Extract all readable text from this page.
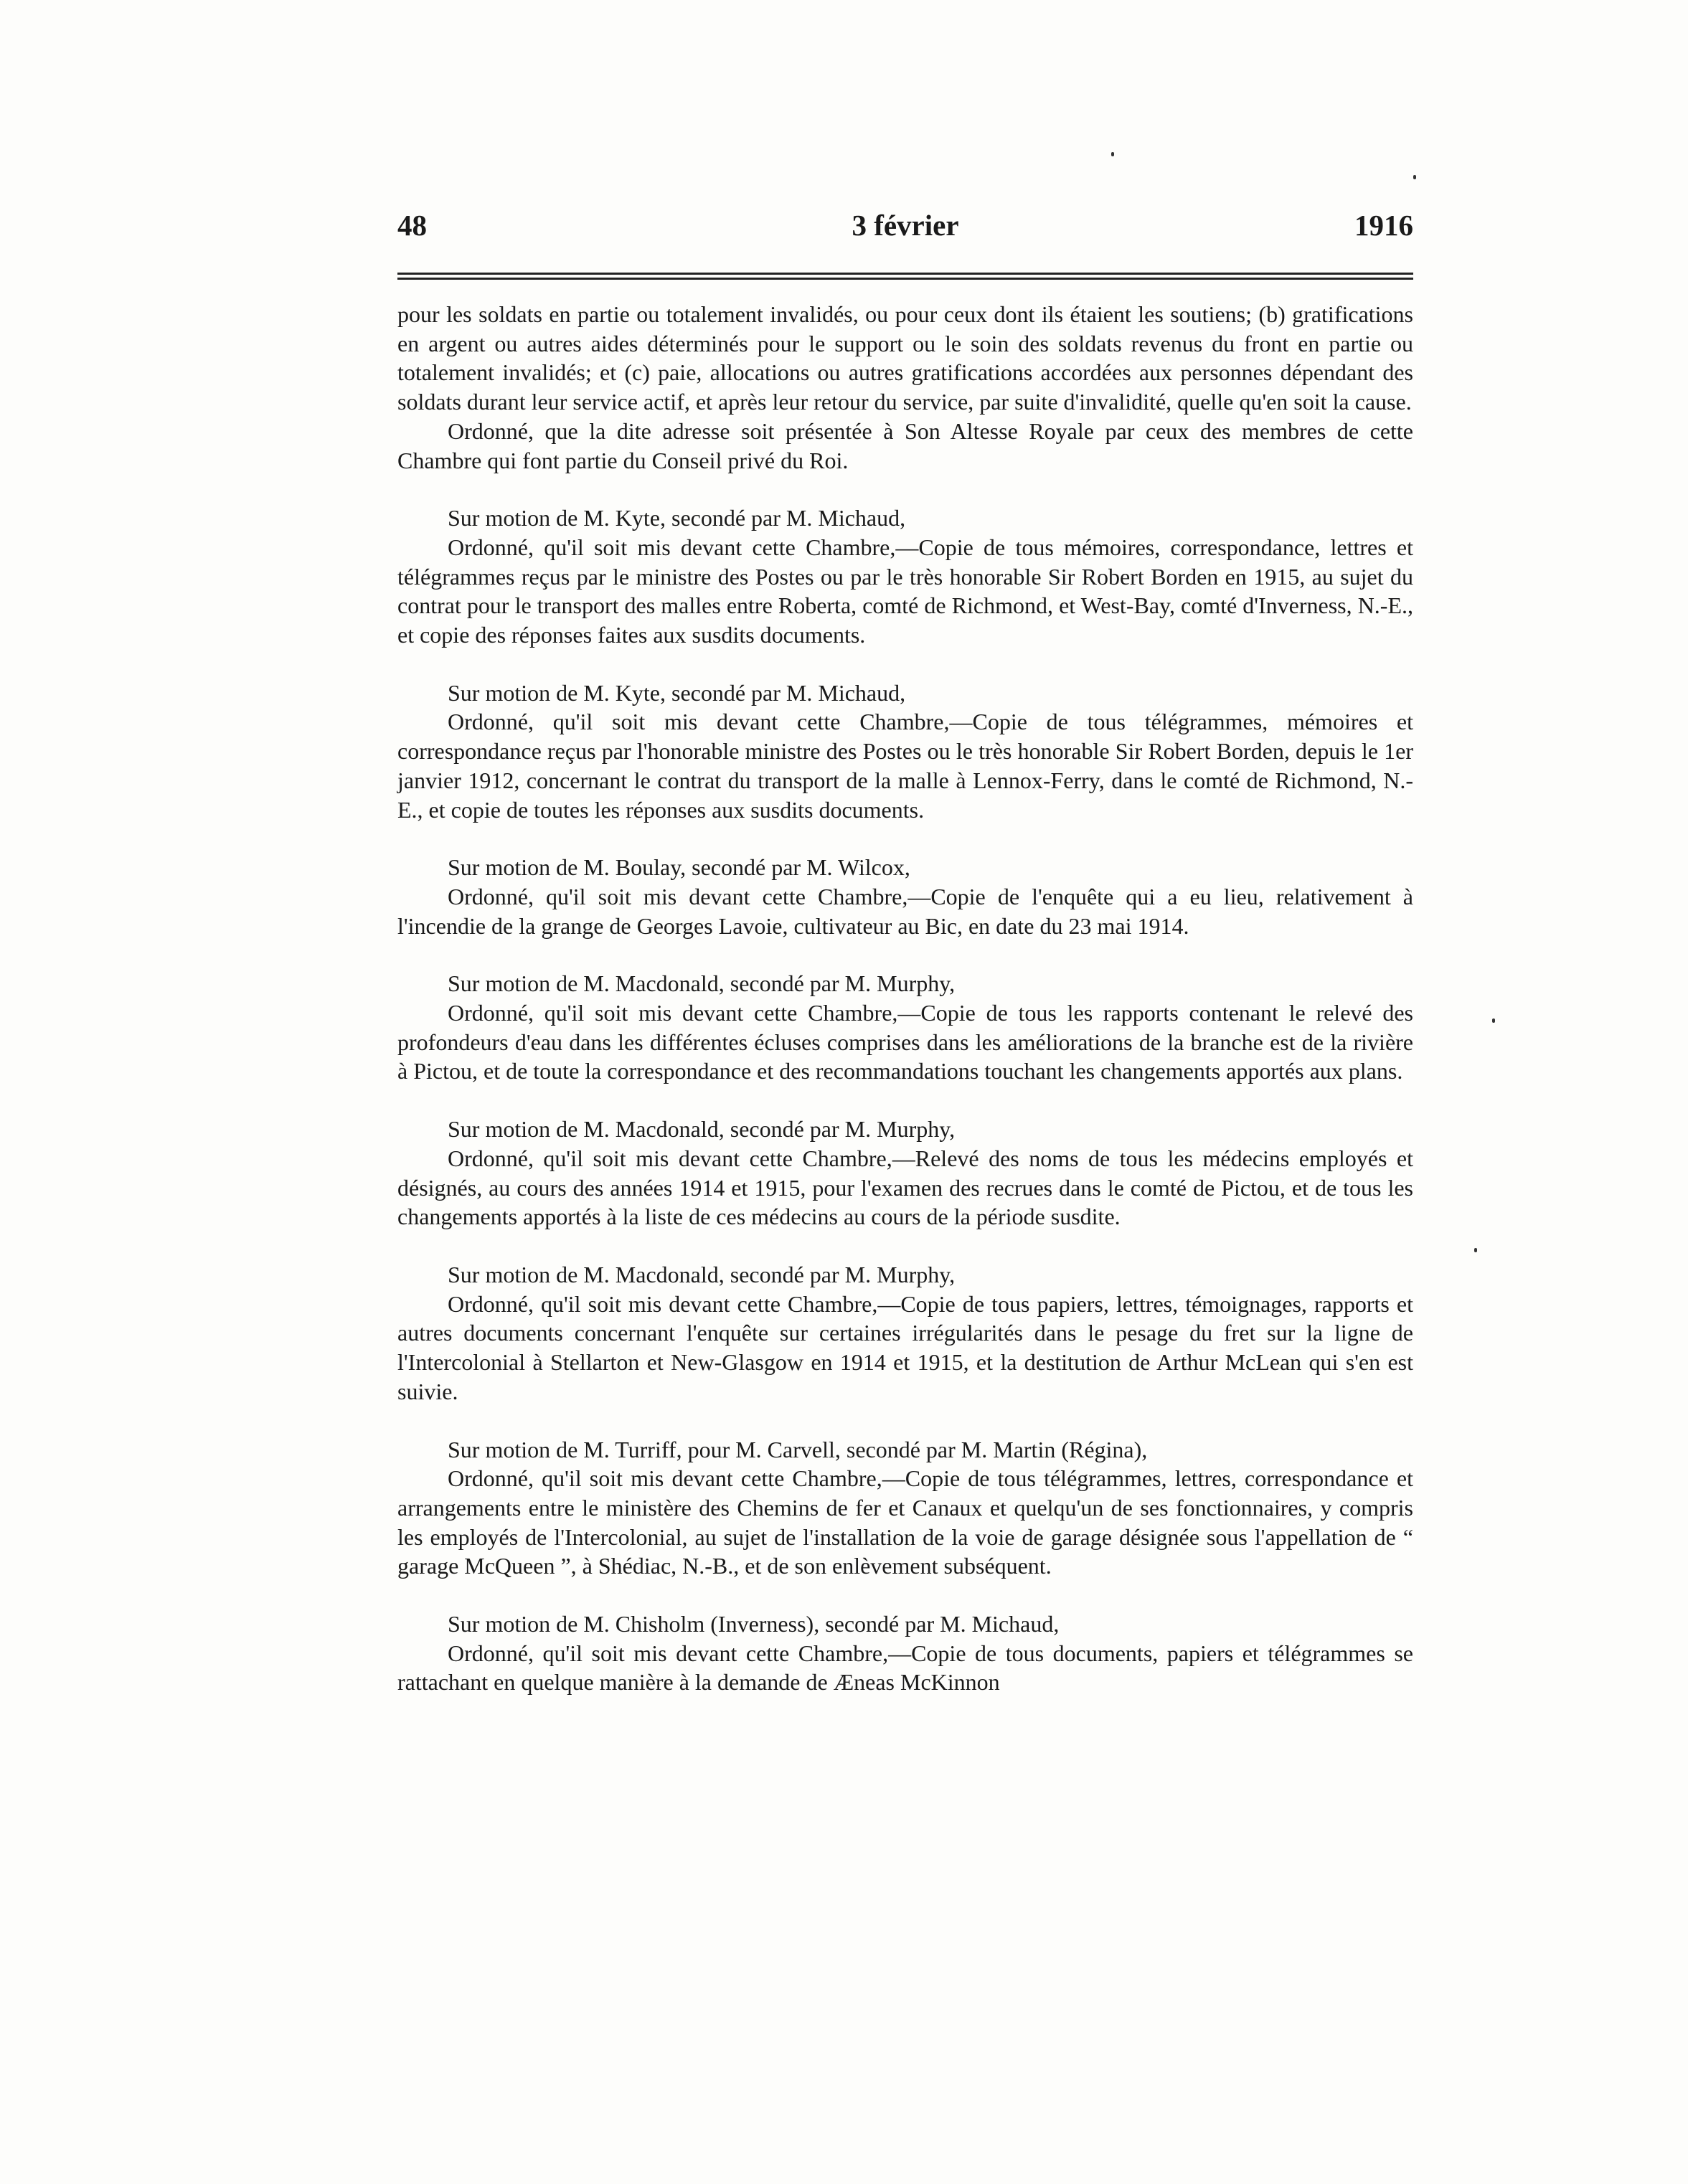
48	3 février	1916

pour les soldats en partie ou totalement invalidés, ou pour ceux dont ils étaient les soutiens; (b) gratifications en argent ou autres aides déterminés pour le support ou le soin des soldats revenus du front en partie ou totalement invalidés; et (c) paie, allocations ou autres gratifications accordées aux personnes dépendant des soldats durant leur service actif, et après leur retour du service, par suite d'invalidité, quelle qu'en soit la cause.

Ordonné, que la dite adresse soit présentée à Son Altesse Royale par ceux des membres de cette Chambre qui font partie du Conseil privé du Roi.

Sur motion de M. Kyte, secondé par M. Michaud,

Ordonné, qu'il soit mis devant cette Chambre,—Copie de tous mémoires, correspondance, lettres et télégrammes reçus par le ministre des Postes ou par le très honorable Sir Robert Borden en 1915, au sujet du contrat pour le transport des malles entre Roberta, comté de Richmond, et West-Bay, comté d'Inverness, N.-E., et copie des réponses faites aux susdits documents.

Sur motion de M. Kyte, secondé par M. Michaud,

Ordonné, qu'il soit mis devant cette Chambre,—Copie de tous télégrammes, mémoires et correspondance reçus par l'honorable ministre des Postes ou le très honorable Sir Robert Borden, depuis le 1er janvier 1912, concernant le contrat du transport de la malle à Lennox-Ferry, dans le comté de Richmond, N.-E., et copie de toutes les réponses aux susdits documents.

Sur motion de M. Boulay, secondé par M. Wilcox,

Ordonné, qu'il soit mis devant cette Chambre,—Copie de l'enquête qui a eu lieu, relativement à l'incendie de la grange de Georges Lavoie, cultivateur au Bic, en date du 23 mai 1914.

Sur motion de M. Macdonald, secondé par M. Murphy,

Ordonné, qu'il soit mis devant cette Chambre,—Copie de tous les rapports contenant le relevé des profondeurs d'eau dans les différentes écluses comprises dans les améliorations de la branche est de la rivière à Pictou, et de toute la correspondance et des recommandations touchant les changements apportés aux plans.

Sur motion de M. Macdonald, secondé par M. Murphy,

Ordonné, qu'il soit mis devant cette Chambre,—Relevé des noms de tous les médecins employés et désignés, au cours des années 1914 et 1915, pour l'examen des recrues dans le comté de Pictou, et de tous les changements apportés à la liste de ces médecins au cours de la période susdite.

Sur motion de M. Macdonald, secondé par M. Murphy,

Ordonné, qu'il soit mis devant cette Chambre,—Copie de tous papiers, lettres, témoignages, rapports et autres documents concernant l'enquête sur certaines irrégularités dans le pesage du fret sur la ligne de l'Intercolonial à Stellarton et New-Glasgow en 1914 et 1915, et la destitution de Arthur McLean qui s'en est suivie.

Sur motion de M. Turriff, pour M. Carvell, secondé par M. Martin (Régina),

Ordonné, qu'il soit mis devant cette Chambre,—Copie de tous télégrammes, lettres, correspondance et arrangements entre le ministère des Chemins de fer et Canaux et quelqu'un de ses fonctionnaires, y compris les employés de l'Intercolonial, au sujet de l'installation de la voie de garage désignée sous l'appellation de “ garage McQueen ”, à Shédiac, N.-B., et de son enlèvement subséquent.

Sur motion de M. Chisholm (Inverness), secondé par M. Michaud,

Ordonné, qu'il soit mis devant cette Chambre,—Copie de tous documents, papiers et télégrammes se rattachant en quelque manière à la demande de Æneas McKinnon
